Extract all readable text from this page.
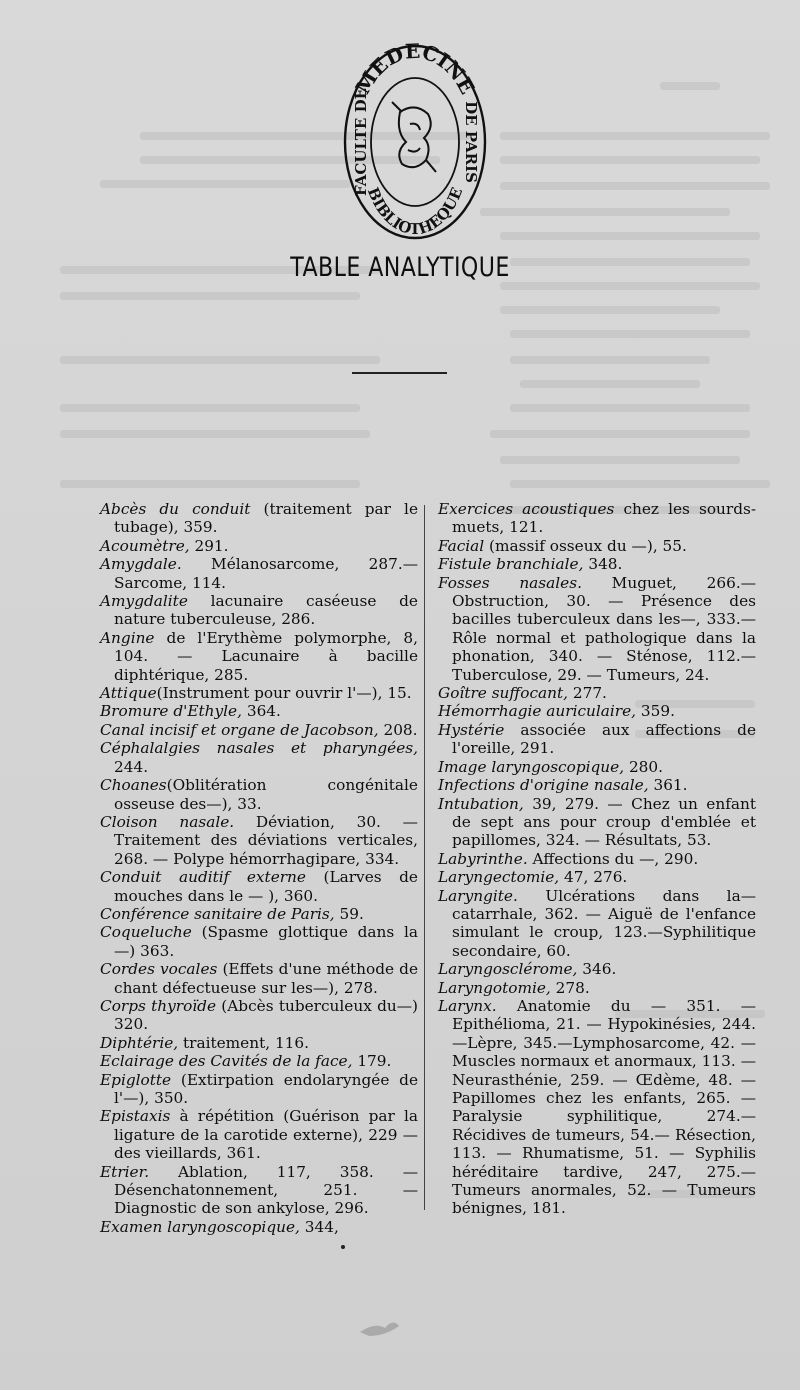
MEDECINE
BIBLIOTHEQUE
FACULTE DE	DE PARIS
TABLE ANALYTIQUE

Abcès du conduit (traitement par le tubage), 359.

Acoumètre, 291.

Amygdale. Mélanosarcome, 287.— Sarcome, 114.

Amygdalite lacunaire caséeuse de nature tuberculeuse, 286.

Angine de l'Erythème polymorphe, 8, 104. — Lacunaire à bacille diphtérique, 285.

Attique(Instrument pour ouvrir l'—), 15.

Bromure d'Ethyle, 364.

Canal incisif et organe de Jacobson, 208.

Céphalalgies nasales et pharyngées, 244.

Choanes(Oblitération congénitale osseuse des—), 33.

Cloison nasale. Déviation, 30. — Traitement des déviations verticales, 268. — Polype hémorrhagipare, 334.

Conduit auditif externe (Larves de mouches dans le — ), 360.

Conférence sanitaire de Paris, 59.

Coqueluche (Spasme glottique dans la—) 363.

Cordes vocales (Effets d'une méthode de chant défectueuse sur les—), 278.

Corps thyroïde (Abcès tuberculeux du—) 320.

Diphtérie, traitement, 116.

Eclairage des Cavités de la face, 179.

Epiglotte (Extirpation endolaryngée de l'—), 350.

Epistaxis à répétition (Guérison par la ligature de la carotide externe), 229 — des vieillards, 361.

Etrier. Ablation, 117, 358. — Désenchatonnement, 251. — Diagnostic de son ankylose, 296.

Examen laryngoscopique, 344,

Exercices acoustiques chez les sourds-muets, 121.

Facial (massif osseux du —), 55.

Fistule branchiale, 348.

Fosses nasales. Muguet, 266.— Obstruction, 30. — Présence des bacilles tuberculeux dans les—, 333.— Rôle normal et pathologique dans la phonation, 340. — Sténose, 112.— Tuberculose, 29. — Tumeurs, 24.

Goître suffocant, 277.

Hémorrhagie auriculaire, 359.

Hystérie associée aux affections de l'oreille, 291.

Image laryngoscopique, 280.

Infections d'origine nasale, 361.

Intubation, 39, 279. — Chez un enfant de sept ans pour croup d'emblée et papillomes, 324. — Résultats, 53.

Labyrinthe. Affections du —, 290.

Laryngectomie, 47, 276.

Laryngite. Ulcérations dans la—catarrhale, 362. — Aiguë de l'enfance simulant le croup, 123.—Syphilitique secondaire, 60.

Laryngosclérome, 346.

Laryngotomie, 278.

Larynx. Anatomie du — 351. — Epithélioma, 21. — Hypokinésies, 244. —Lèpre, 345.—Lymphosarcome, 42. — Muscles normaux et anormaux, 113. —Neurasthénie, 259. — Œdème, 48. —Papillomes chez les enfants, 265. —Paralysie syphilitique, 274.— Récidives de tumeurs, 54.— Résection, 113. — Rhumatisme, 51. — Syphilis héréditaire tardive, 247, 275.— Tumeurs anormales, 52. — Tumeurs bénignes, 181.
